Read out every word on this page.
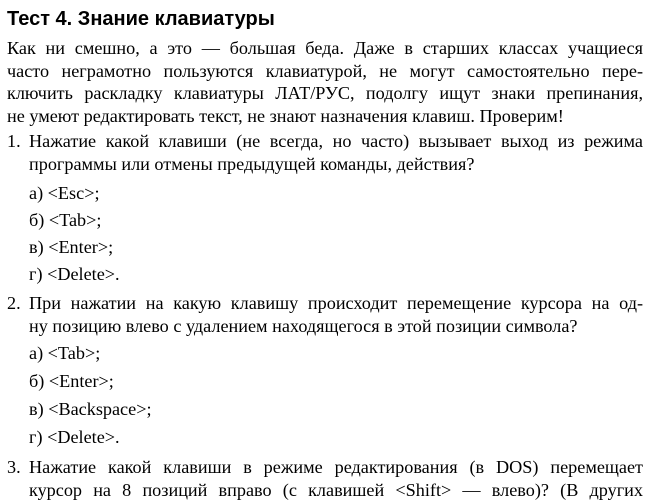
Тест 4. Знание клавиатуры
Как ни смешно, а это — большая беда. Даже в старших классах учащиеся
часто неграмотно пользуются клавиатурой, не могут самостоятельно пере-
ключить раскладку клавиатуры ЛАТ/РУС, подолгу ищут знаки препинания,
не умеют редактировать текст, не знают назначения клавиш. Проверим!
1. Нажатие какой клавиши (не всегда, но часто) вызывает выход из режима
программы или отмены предыдущей команды, действия?
а) <Esc>;
б) <Tab>;
в) <Enter>;
г) <Delete>.
2. При нажатии на какую клавишу происходит перемещение курсора на од-
ну позицию влево с удалением находящегося в этой позиции символа?
а) <Tab>;
б) <Enter>;
в) <Backspace>;
г) <Delete>.
3. Нажатие какой клавиши в режиме редактирования (в DOS) перемещает
курсор на 8 позиций вправо (с клавишей <Shift> — влево)? (В других
